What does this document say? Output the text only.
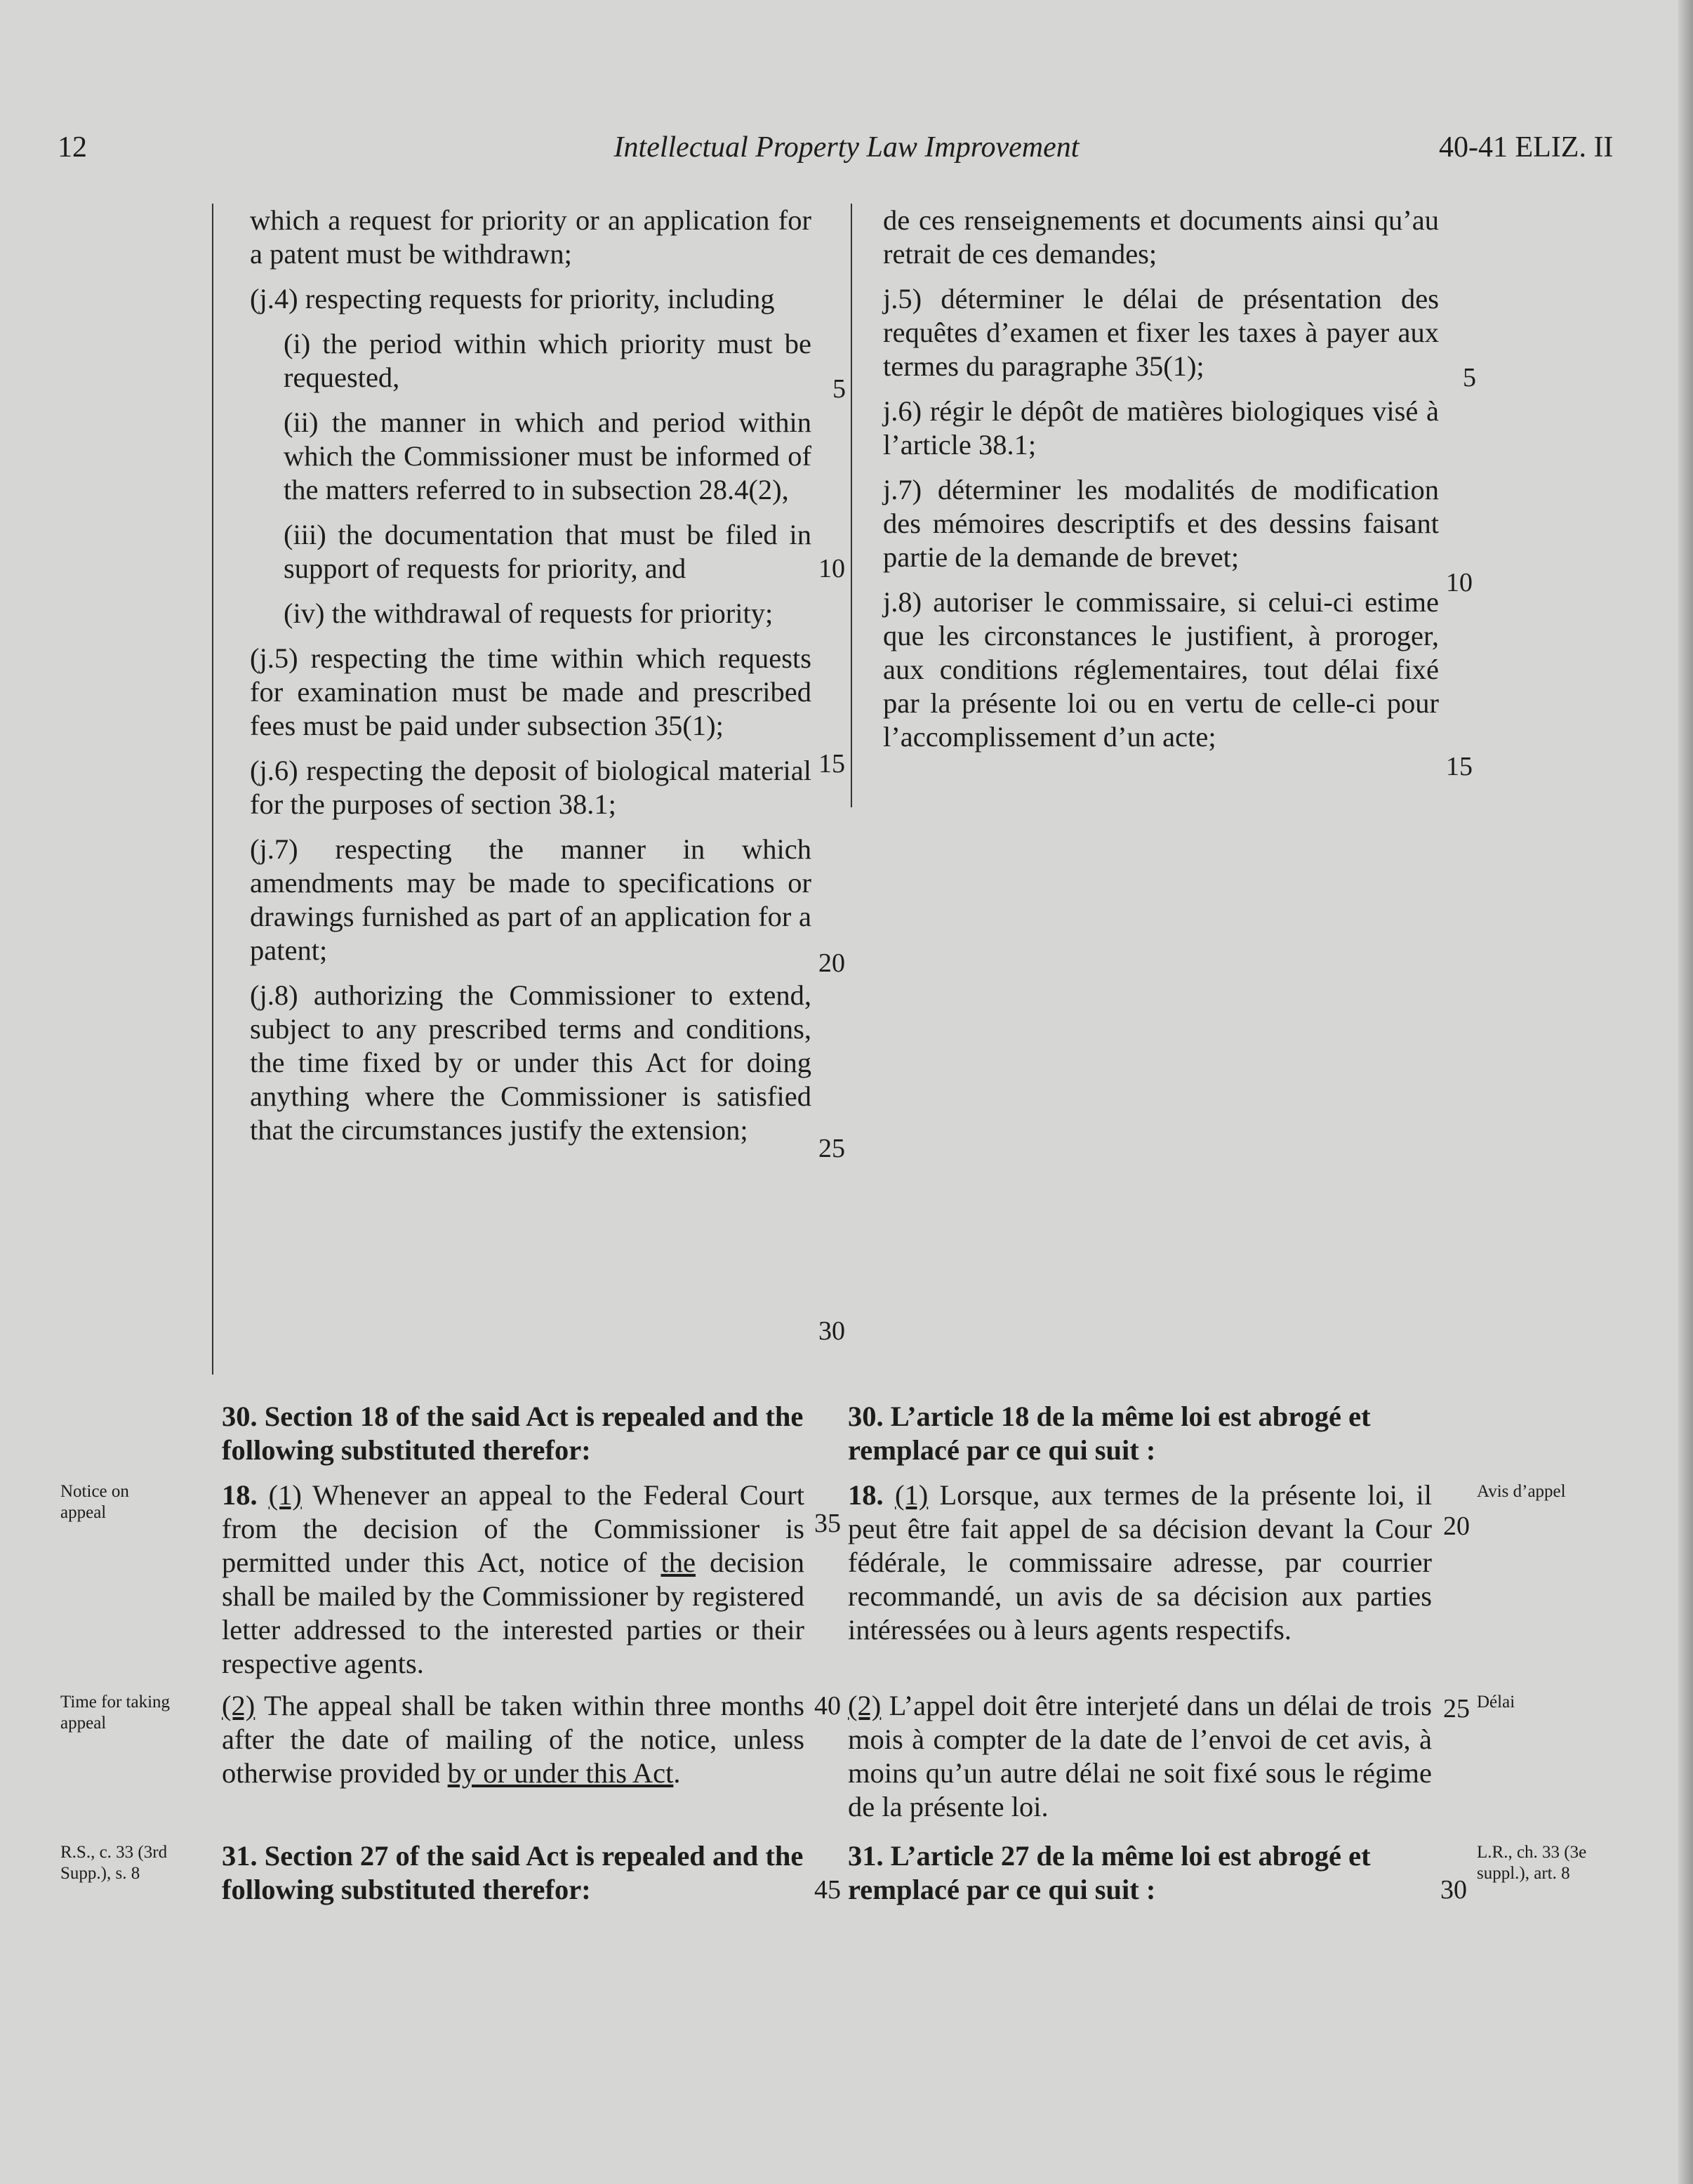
12	Intellectual Property Law Improvement	40-41 ELIZ. II

which a request for priority or an application for a patent must be withdrawn;

(j.4) respecting requests for priority, including

(i) the period within which priority must be requested,

(ii) the manner in which and period within which the Commissioner must be informed of the matters referred to in subsection 28.4(2),

(iii) the documentation that must be filed in support of requests for priority, and

(iv) the withdrawal of requests for priority;

(j.5) respecting the time within which requests for examination must be made and prescribed fees must be paid under subsection 35(1);

(j.6) respecting the deposit of biological material for the purposes of section 38.1;

(j.7) respecting the manner in which amendments may be made to specifications or drawings furnished as part of an application for a patent;

(j.8) authorizing the Commissioner to extend, subject to any prescribed terms and conditions, the time fixed by or under this Act for doing anything where the Commissioner is satisfied that the circumstances justify the extension;

de ces renseignements et documents ainsi qu’au retrait de ces demandes;

j.5) déterminer le délai de présentation des requêtes d’examen et fixer les taxes à payer aux termes du paragraphe 35(1);

j.6) régir le dépôt de matières biologiques visé à l’article 38.1;

j.7) déterminer les modalités de modification des mémoires descriptifs et des dessins faisant partie de la demande de brevet;

j.8) autoriser le commissaire, si celui-ci estime que les circonstances le justifient, à proroger, aux conditions réglementaires, tout délai fixé par la présente loi ou en vertu de celle-ci pour l’accomplissement d’un acte;

5
10
15
20
25
30
35
40
45
5
10
15
20
25
30
30. Section 18 of the said Act is repealed and the following substituted therefor:
30. L’article 18 de la même loi est abrogé et remplacé par ce qui suit :
18. (1) Whenever an appeal to the Federal Court from the decision of the Commissioner is permitted under this Act, notice of the decision shall be mailed by the Commissioner by registered letter addressed to the interested parties or their respective agents.
18. (1) Lorsque, aux termes de la présente loi, il peut être fait appel de sa décision devant la Cour fédérale, le commissaire adresse, par courrier recommandé, un avis de sa décision aux parties intéressées ou à leurs agents respectifs.
(2) The appeal shall be taken within three months after the date of mailing of the notice, unless otherwise provided by or under this Act.
(2) L’appel doit être interjeté dans un délai de trois mois à compter de la date de l’envoi de cet avis, à moins qu’un autre délai ne soit fixé sous le régime de la présente loi.
31. Section 27 of the said Act is repealed and the following substituted therefor:
31. L’article 27 de la même loi est abrogé et remplacé par ce qui suit :
Notice on appeal
Time for taking appeal
R.S., c. 33 (3rd Supp.), s. 8
Avis d’appel
Délai
L.R., ch. 33 (3e suppl.), art. 8
